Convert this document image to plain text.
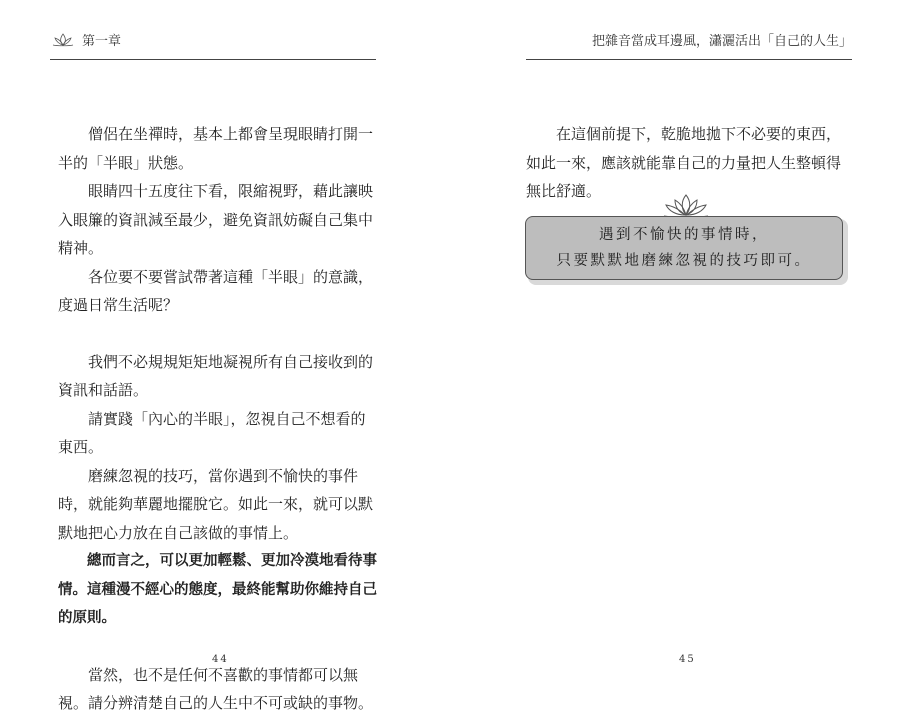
第一章

僧侶在坐禪時，基本上都會呈現眼睛打開一半的「半眼」狀態。

眼睛四十五度往下看，限縮視野，藉此讓映入眼簾的資訊減至最少，避免資訊妨礙自己集中精神。

各位要不要嘗試帶著這種「半眼」的意識，度過日常生活呢？

我們不必規規矩矩地凝視所有自己接收到的資訊和話語。

請實踐「內心的半眼」，忽視自己不想看的東西。

磨練忽視的技巧，當你遇到不愉快的事件時，就能夠華麗地擺脫它。如此一來，就可以默默地把心力放在自己該做的事情上。

總而言之，可以更加輕鬆、更加冷漠地看待事情。這種漫不經心的態度，最終能幫助你維持自己的原則。

當然，也不是任何不喜歡的事情都可以無視。請分辨清楚自己的人生中不可或缺的事物。

44
把雜音當成耳邊風，瀟灑活出「自己的人生」

在這個前提下，乾脆地拋下不必要的東西，如此一來，應該就能靠自己的力量把人生整頓得無比舒適。

遇到不愉快的事情時，
只要默默地磨練忽視的技巧即可。
45
